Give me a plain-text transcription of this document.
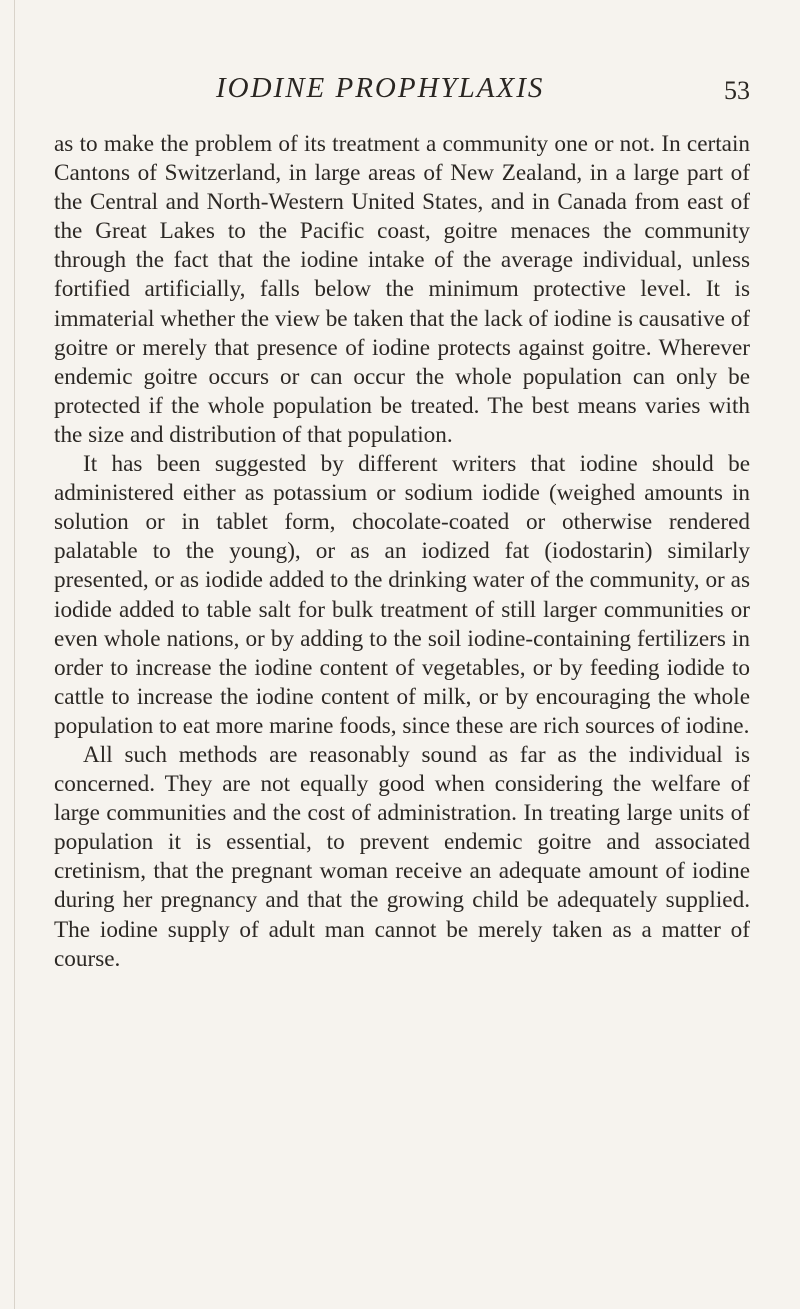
IODINE PROPHYLAXIS	53

as to make the problem of its treatment a community one or not. In certain Cantons of Switzerland, in large areas of New Zealand, in a large part of the Central and North-Western United States, and in Canada from east of the Great Lakes to the Pacific coast, goitre menaces the community through the fact that the iodine intake of the average individual, unless fortified artificially, falls below the minimum protective level. It is immaterial whether the view be taken that the lack of iodine is causative of goitre or merely that presence of iodine protects against goitre. Wherever endemic goitre occurs or can occur the whole population can only be protected if the whole population be treated. The best means varies with the size and distribution of that population.

It has been suggested by different writers that iodine should be administered either as potassium or sodium iodide (weighed amounts in solution or in tablet form, chocolate-coated or otherwise rendered palatable to the young), or as an iodized fat (iodostarin) similarly presented, or as iodide added to the drinking water of the community, or as iodide added to table salt for bulk treatment of still larger communities or even whole nations, or by adding to the soil iodine-containing fertilizers in order to increase the iodine content of vegetables, or by feeding iodide to cattle to increase the iodine content of milk, or by encouraging the whole population to eat more marine foods, since these are rich sources of iodine.

All such methods are reasonably sound as far as the individual is concerned. They are not equally good when considering the welfare of large communities and the cost of administration. In treating large units of population it is essential, to prevent endemic goitre and associated cretinism, that the pregnant woman receive an adequate amount of iodine during her pregnancy and that the growing child be adequately supplied. The iodine supply of adult man cannot be merely taken as a matter of course.
